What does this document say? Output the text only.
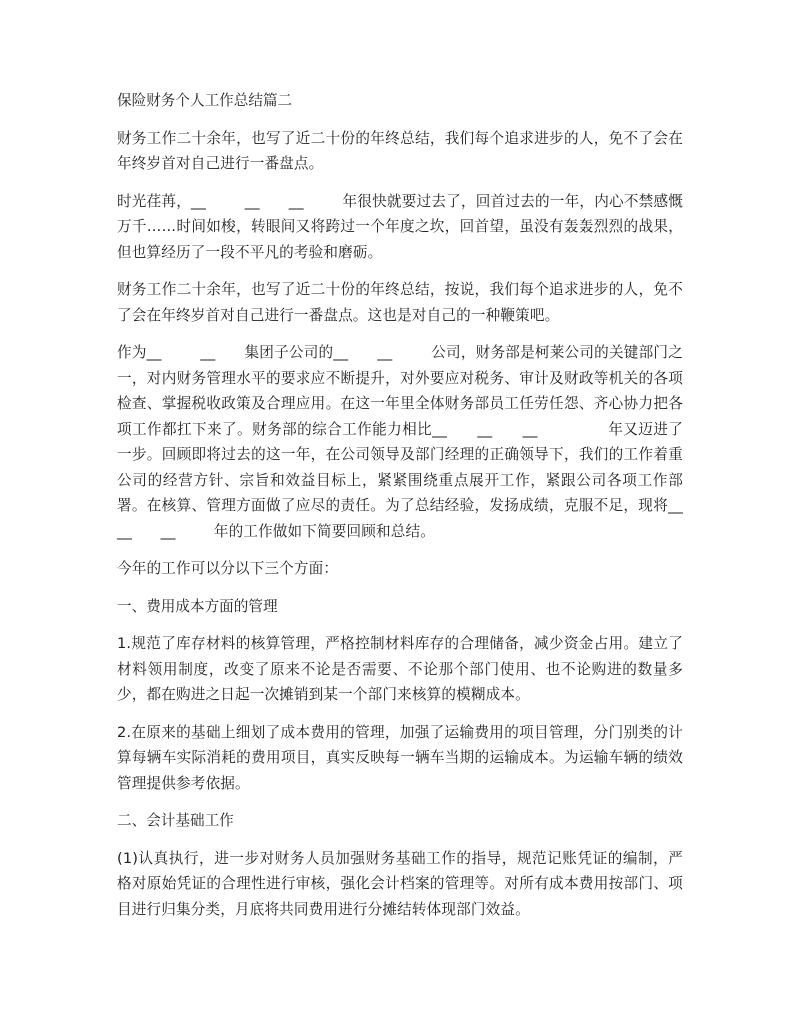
保险财务个人工作总结篇二

财务工作二十余年，也写了近二十份的年终总结，我们每个追求进步的人，免不了会在年终岁首对自己进行一番盘点。

时光荏苒，__        __      __        年很快就要过去了，回首过去的一年，内心不禁感慨万千……时间如梭，转眼间又将跨过一个年度之坎，回首望，虽没有轰轰烈烈的战果，但也算经历了一段不平凡的考验和磨砺。

财务工作二十余年，也写了近二十份的年终总结，按说，我们每个追求进步的人，免不了会在年终岁首对自己进行一番盘点。这也是对自己的一种鞭策吧。

作为__        __      集团子公司的__      __        公司，财务部是柯莱公司的关键部门之一，对内财务管理水平的要求应不断提升，对外要应对税务、审计及财政等机关的各项检查、掌握税收政策及合理应用。在这一年里全体财务部员工任劳任怨、齐心协力把各项工作都扛下来了。财务部的综合工作能力相比__      __      __              年又迈进了一步。回顾即将过去的这一年，在公司领导及部门经理的正确领导下，我们的工作着重      公司的经营方针、宗旨和效益目标上，紧紧围绕重点展开工作，紧跟公司各项工作部署。在核算、管理方面做了应尽的责任。为了总结经验，发扬成绩，克服不足，现将__        __      __        年的工作做如下简要回顾和总结。

今年的工作可以分以下三个方面：

一、费用成本方面的管理

1.规范了库存材料的核算管理，严格控制材料库存的合理储备，减少资金占用。建立了材料领用制度，改变了原来不论是否需要、不论那个部门使用、也不论购进的数量多少，都在购进之日起一次摊销到某一个部门来核算的模糊成本。

2.在原来的基础上细划了成本费用的管理，加强了运输费用的项目管理，分门别类的计算每辆车实际消耗的费用项目，真实反映每一辆车当期的运输成本。为运输车辆的绩效管理提供参考依据。

二、会计基础工作

(1)认真执行，进一步对财务人员加强财务基础工作的指导，规范记账凭证的编制，严格对原始凭证的合理性进行审核，强化会计档案的管理等。对所有成本费用按部门、项目进行归集分类，月底将共同费用进行分摊结转体现部门效益。
